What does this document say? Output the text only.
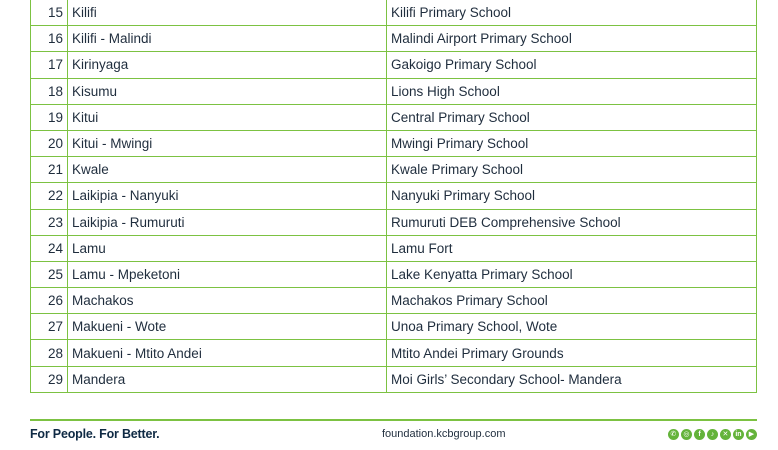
15	Kilifi	Kilifi Primary School
16	Kilifi - Malindi	Malindi Airport Primary School
17	Kirinyaga	Gakoigo Primary School
18	Kisumu	Lions High School
19	Kitui	Central Primary School
20	Kitui - Mwingi	Mwingi Primary School
21	Kwale	Kwale Primary School
22	Laikipia - Nanyuki	Nanyuki Primary School
23	Laikipia - Rumuruti	Rumuruti DEB Comprehensive School
24	Lamu	Lamu Fort
25	Lamu - Mpeketoni	Lake Kenyatta Primary School
26	Machakos	Machakos Primary School
27	Makueni - Wote	Unoa Primary School, Wote
28	Makueni - Mtito Andei	Mtito Andei Primary Grounds
29	Mandera	Moi Girls’ Secondary School- Mandera
For People. For Better.	foundation.kcbgroup.com	✆	◎	f	♪	✕ in	▶
